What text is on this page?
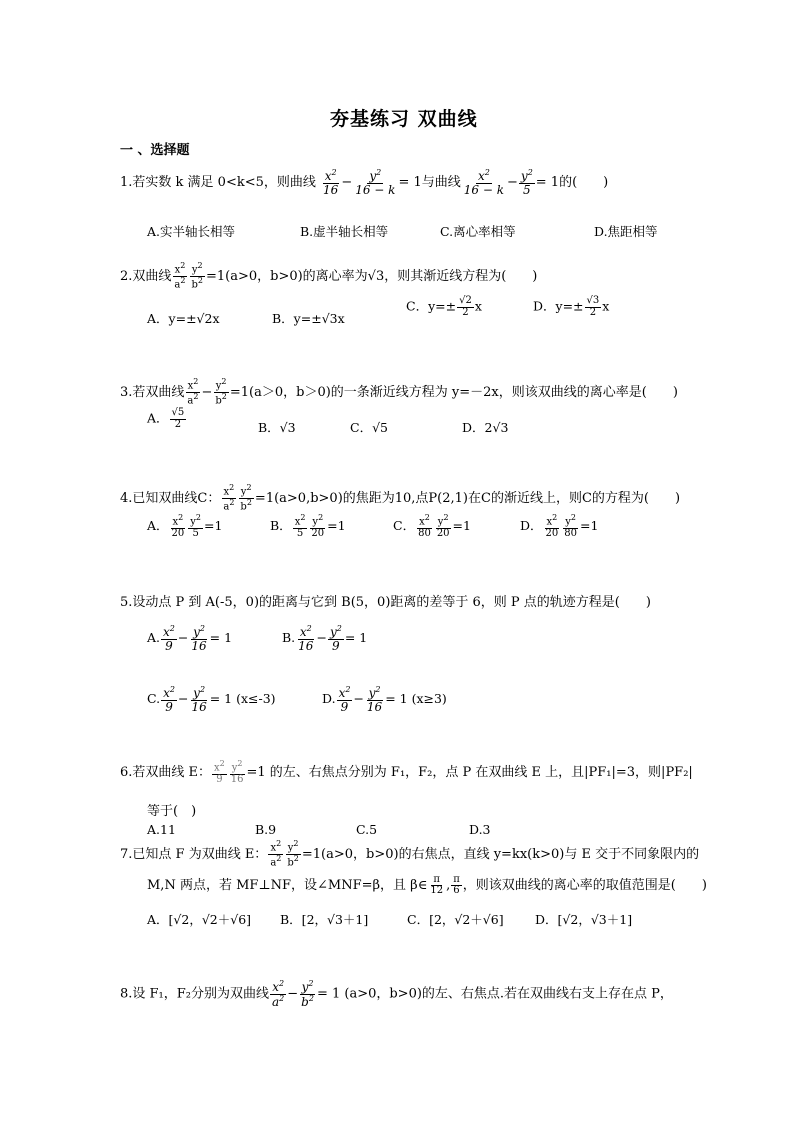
夯基练习 双曲线
一 、选择题
1.若实数 k 满足 0<k<5，则曲线 $\frac{x^2}{16} - \frac{y^2}{16 - k} = 1$与曲线 $\frac{x^2}{16 - k} - \frac{y^2}{5} = 1$的(　　)
A.实半轴长相等	B.虚半轴长相等	C.离心率相等	D.焦距相等
2.双曲线 $\frac{x^2}{a^2} \frac{y^2}{b^2} =1(a>0$，b>0)的离心率为√3，则其渐近线方程为(　　)
A．y=±√2x	B．y=±√3x
C．$y=\pm \frac{√2}{2}$ x	D．$y=\pm \frac{√3}{2}$ x
3.若双曲线 $\frac{x^2}{a^2} - \frac{y^2}{b^2} =1(a>0$，b＞0)的一条渐近线方程为 y=－2x，则该双曲线的离心率是(　　)
A． $\frac{√5}{2}$	B．√3	C．√5	D．2√3
4.已知双曲线C： $\frac{x^2}{a^2} \frac{y^2}{b^2} =1(a>0,b>0)$的焦距为10,点P(2,1)在C的渐近线上，则C的方程为(　　)
A． $\frac{x^2}{20} \frac{y^2}{5} =1$	B． $\frac{x^2}{5} \frac{y^2}{20} =1$	C． $\frac{x^2}{80} \frac{y^2}{20} =1$	D． $\frac{x^2}{20} \frac{y^2}{80} =1$
5.设动点 P 到 A(-5，0)的距离与它到 B(5，0)距离的差等于 6，则 P 点的轨迹方程是(　　)
A. $\frac{x^2}{9} - \frac{y^2}{16} = 1$	B. $\frac{x^2}{16} - \frac{y^2}{9} = 1$
C. $\frac{x^2}{9} - \frac{y^2}{16} = 1$ (x≤-3)	D. $\frac{x^2}{9} - \frac{y^2}{16} = 1$ (x≥3)
6.若双曲线 E： $\frac{x^2}{9} \frac{y^2}{16} =1$ 的左、右焦点分别为 F₁，F₂，点 P 在双曲线 E 上，且|PF₁|=3，则|PF₂|
等于(　)
A.11	B.9	C.5	D.3
7.已知点 F 为双曲线 E： $\frac{x^2}{a^2} \frac{y^2}{b^2} =1(a>0$，b>0)的右焦点，直线 y=kx(k>0)与 E 交于不同象限内的
M,N 两点，若 MF⊥NF，设∠MNF=β，且 β∈ $\frac{\pi}{12}$ , $\frac{\pi}{6}$ ，则该双曲线的离心率的取值范围是(　　)
A．[√2，√2＋√6] B．[2，√3＋1]	C．[2，√2＋√6]	D．[√2，√3＋1]
8.设 F₁，F₂分别为双曲线 $\frac{x^2}{a^2} - \frac{y^2}{b^2} = 1$ (a>0，b>0)的左、右焦点.若在双曲线右支上存在点 P，
